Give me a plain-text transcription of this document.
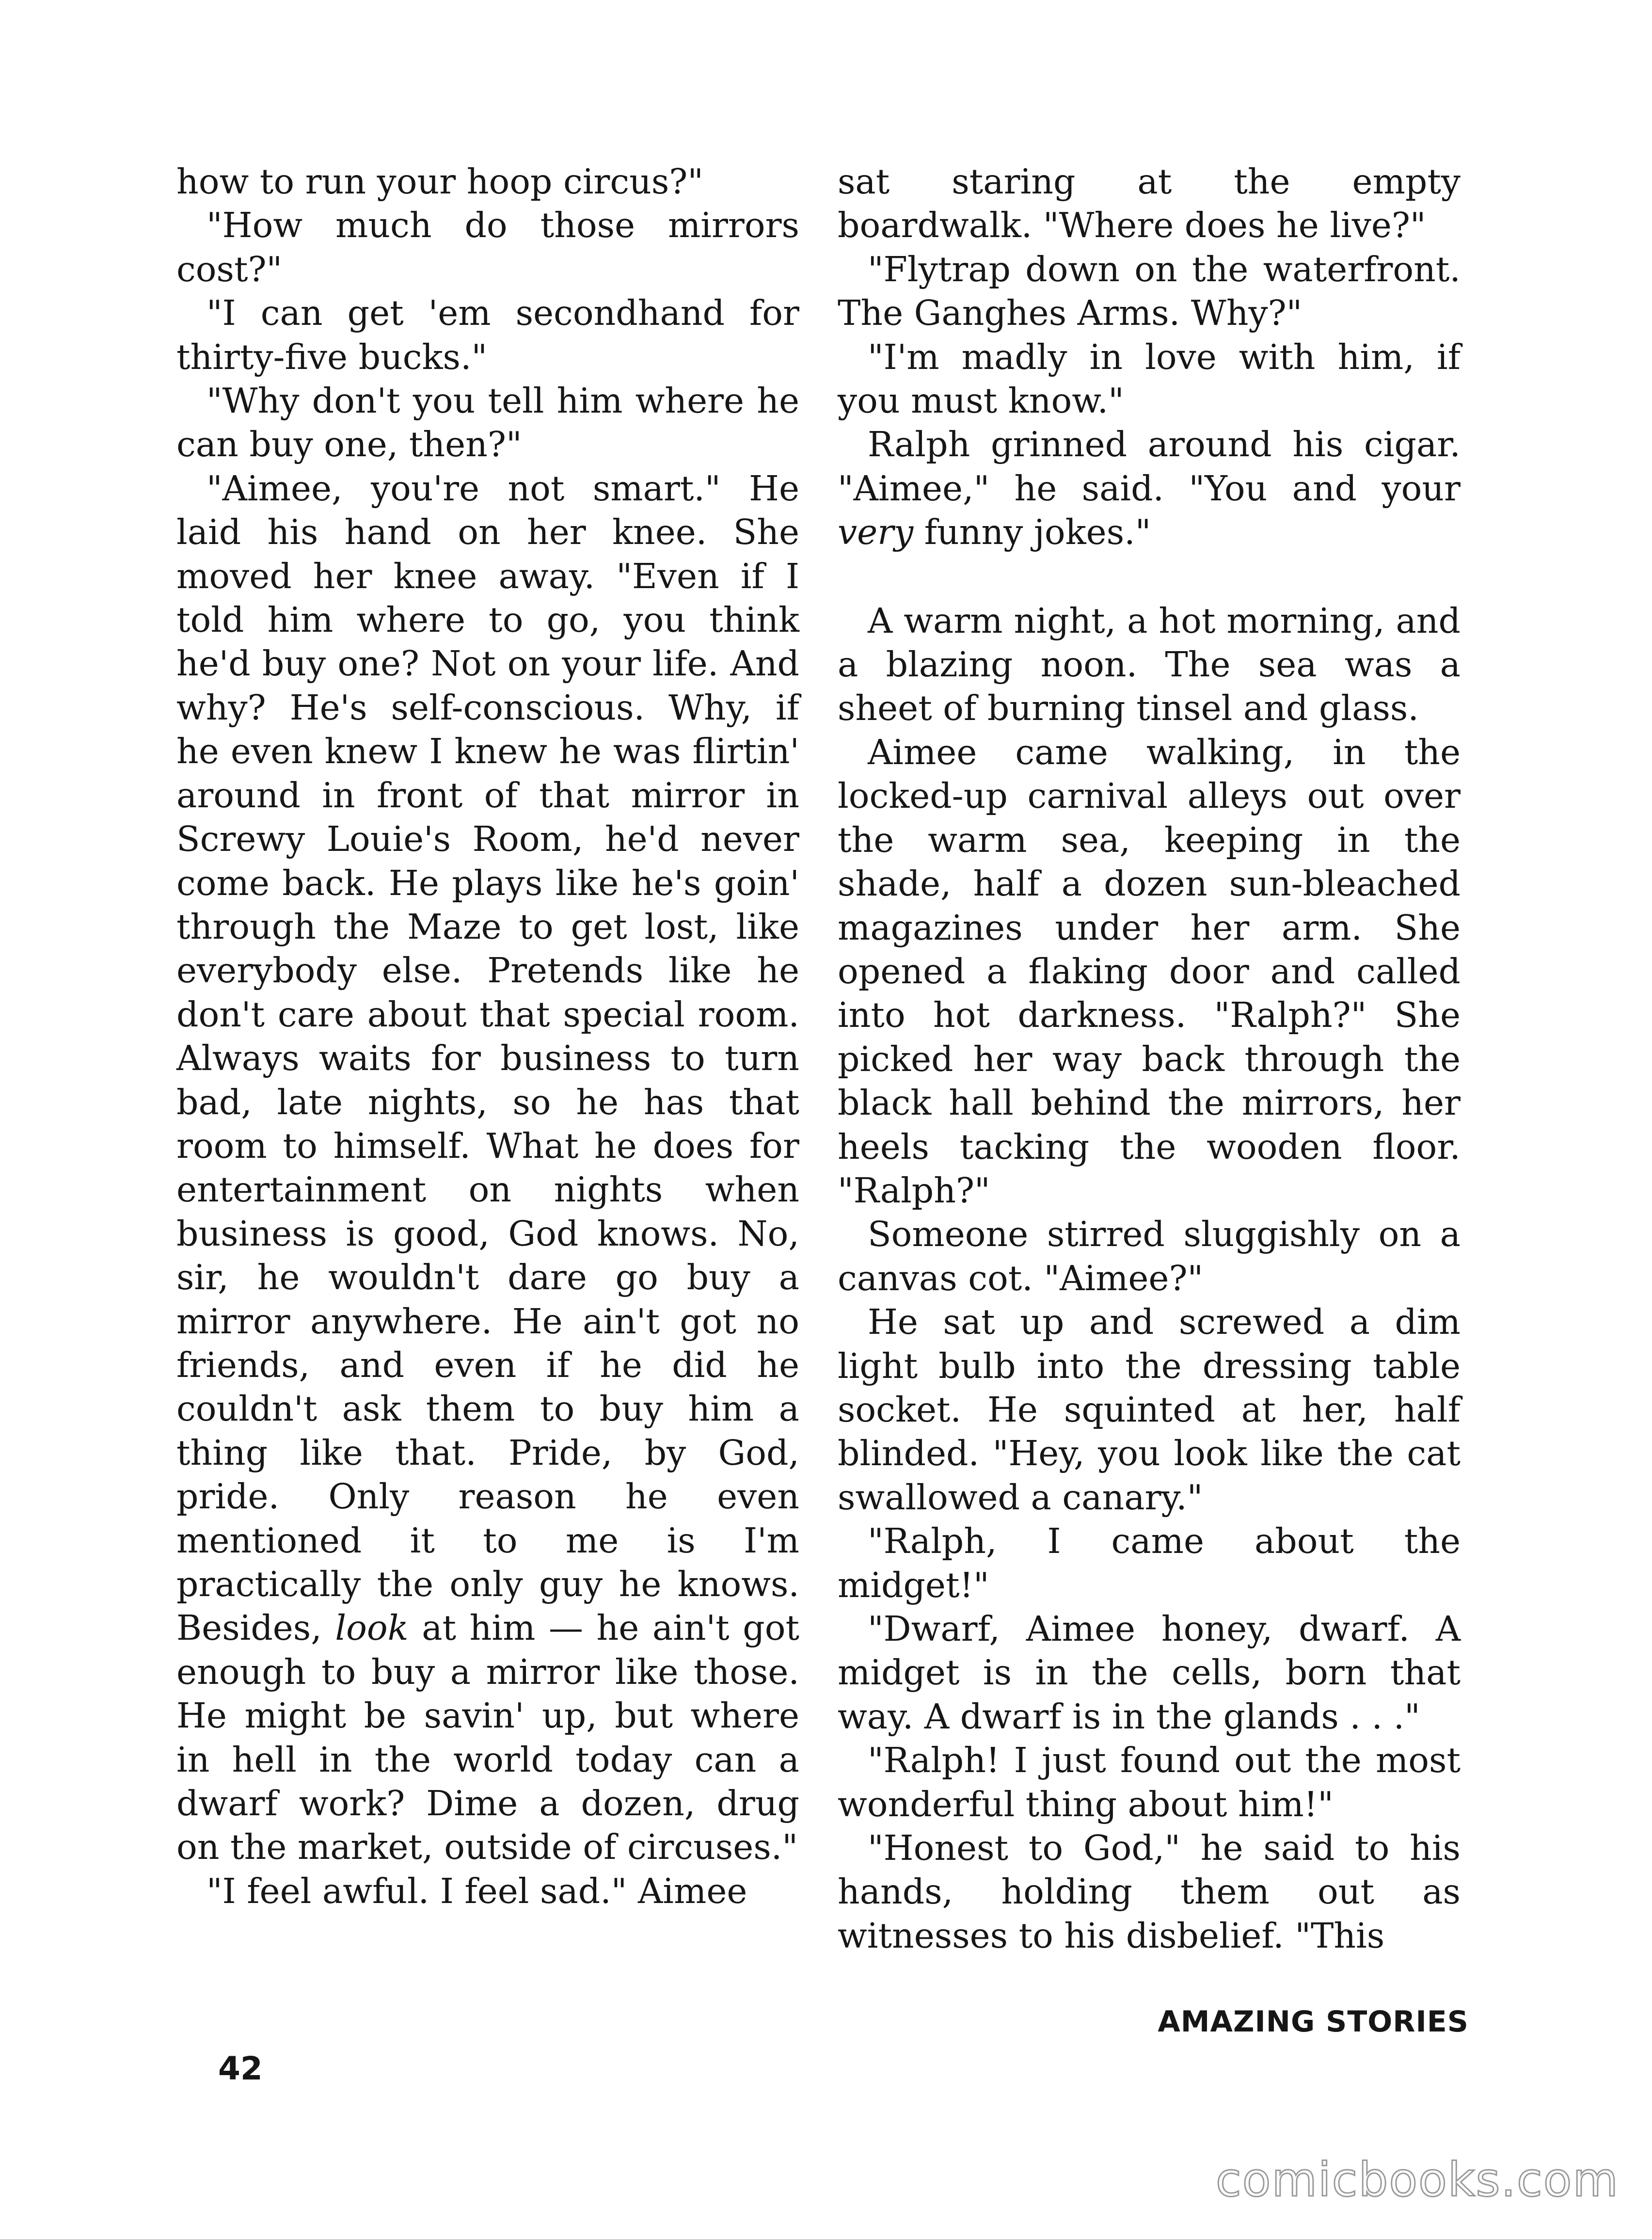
how to run your hoop circus?"

"How much do those mirrors cost?"

"I can get 'em secondhand for thirty-five bucks."

"Why don't you tell him where he can buy one, then?"

"Aimee, you're not smart." He laid his hand on her knee. She moved her knee away. "Even if I told him where to go, you think he'd buy one? Not on your life. And why? He's self-conscious. Why, if he even knew I knew he was flirtin' around in front of that mirror in Screwy Louie's Room, he'd never come back. He plays like he's goin' through the Maze to get lost, like everybody else. Pretends like he don't care about that special room. Always waits for business to turn bad, late nights, so he has that room to himself. What he does for entertainment on nights when business is good, God knows. No, sir, he wouldn't dare go buy a mirror anywhere. He ain't got no friends, and even if he did he couldn't ask them to buy him a thing like that. Pride, by God, pride. Only reason he even mentioned it to me is I'm practically the only guy he knows. Besides, look at him — he ain't got enough to buy a mirror like those. He might be savin' up, but where in hell in the world today can a dwarf work? Dime a dozen, drug on the market, outside of circuses."

"I feel awful. I feel sad." Aimee

sat staring at the empty boardwalk. "Where does he live?"

"Flytrap down on the waterfront. The Ganghes Arms. Why?"

"I'm madly in love with him, if you must know."

Ralph grinned around his cigar. "Aimee," he said. "You and your very funny jokes."

A warm night, a hot morning, and a blazing noon. The sea was a sheet of burning tinsel and glass.

Aimee came walking, in the locked-up carnival alleys out over the warm sea, keeping in the shade, half a dozen sun-bleached magazines under her arm. She opened a flaking door and called into hot darkness. "Ralph?" She picked her way back through the black hall behind the mirrors, her heels tacking the wooden floor. "Ralph?"

Someone stirred sluggishly on a canvas cot. "Aimee?"

He sat up and screwed a dim light bulb into the dressing table socket. He squinted at her, half blinded. "Hey, you look like the cat swallowed a canary."

"Ralph, I came about the midget!"

"Dwarf, Aimee honey, dwarf. A midget is in the cells, born that way. A dwarf is in the glands . . ."

"Ralph! I just found out the most wonderful thing about him!"

"Honest to God," he said to his hands, holding them out as witnesses to his disbelief. "This

AMAZING STORIES
42
comicbooks.com
